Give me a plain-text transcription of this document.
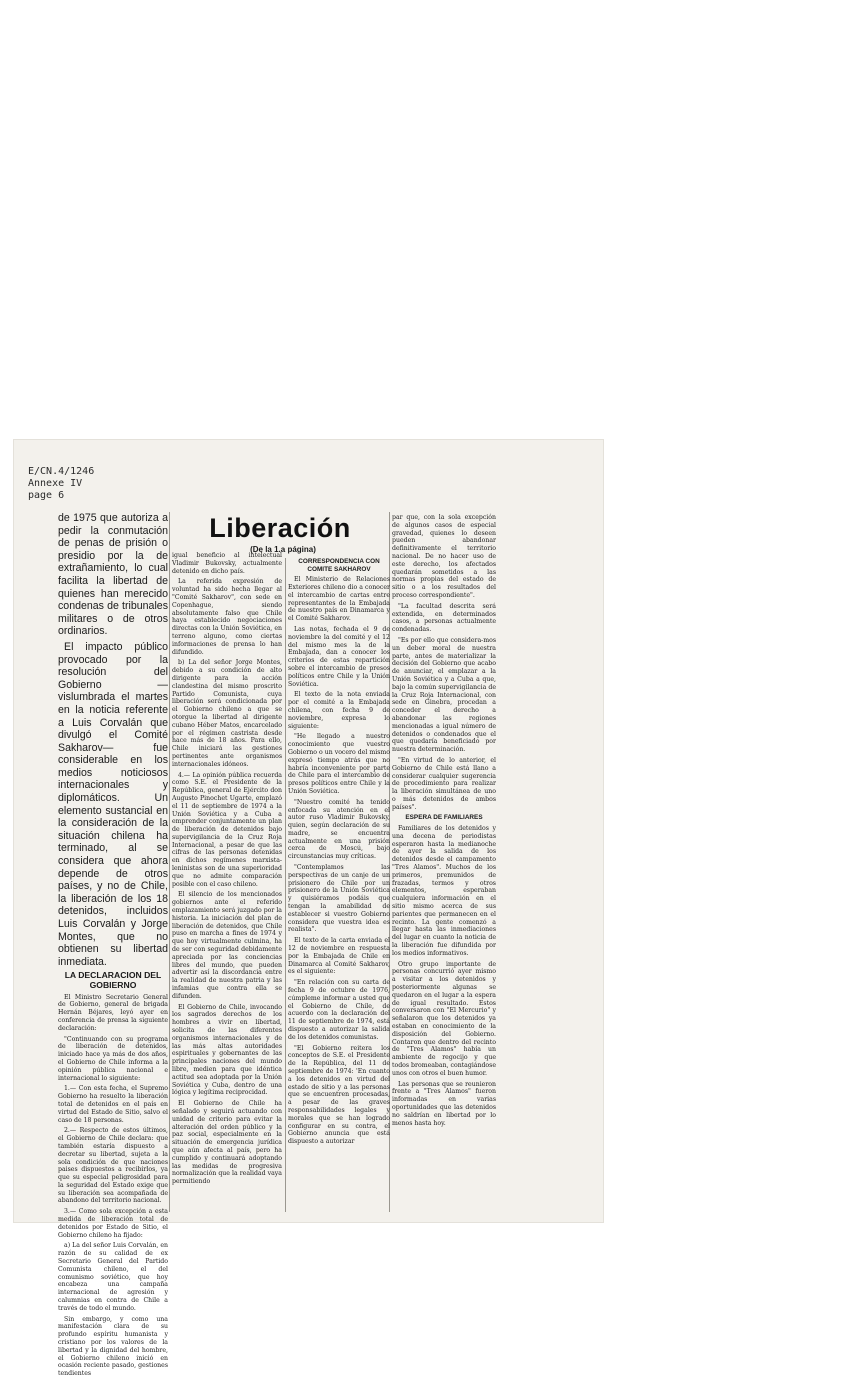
E/CN.4/1246
Annexe IV
page 6
Liberación
(De la 1.a página)

de 1975 que autoriza a pedir la conmutación de penas de prisión o presidio por la de extrañamiento, lo cual facilita la libertad de quienes han merecido condenas de tribunales militares o de otros ordinarios.

El impacto público provocado por la resolución del Gobierno —vislumbrada el martes en la noticia referente a Luis Corvalán que divulgó el Comité Sakharov— fue considerable en los medios noticiosos internacionales y diplomáticos. Un elemento sustancial en la consideración de la situación chilena ha terminado, al se considera que ahora depende de otros países, y no de Chile, la liberación de los 18 detenidos, incluidos Luis Corvalán y Jorge Montes, que no obtienen su libertad inmediata.

LA DECLARACION DEL GOBIERNO

El Ministro Secretario General de Gobierno, general de brigada Hernán Béjares, leyó ayer en conferencia de prensa la siguiente declaración:

"Continuando con su programa de liberación de detenidos, iniciado hace ya más de dos años, el Gobierno de Chile informa a la opinión pública nacional e internacional lo siguiente:

1.— Con esta fecha, el Supremo Gobierno ha resuelto la liberación total de detenidos en el país en virtud del Estado de Sitio, salvo el caso de 18 personas.

2.— Respecto de estos últimos, el Gobierno de Chile declara: que también estaría dispuesto a decretar su libertad, sujeta a la sola condición de que naciones paises dispuestos a recibirlos, ya que su especial peligrosidad para la seguridad del Estado exige que su liberación sea acompañada de abandono del territorio nacional.

3.— Como sola excepción a esta medida de liberación total de detenidos por Estado de Sitio, el Gobierno chileno ha fijado:

a) La del señor Luis Corvalán, en razón de su calidad de ex Secretario General del Partido Comunista chileno, el del comunismo soviético, que hoy encabeza una campaña internacional de agresión y calumnias en contra de Chile a través de todo el mundo.

Sin embargo, y como una manifestación clara de su profundo espíritu humanista y cristiano por los valores de la libertad y la dignidad del hombre, el Gobierno chileno inició en ocasión reciente pasado, gestiones tendientes

igual beneficio al intelectual Vladimir Bukovsky, actualmente detenido en dicho país.

La referida expresión de voluntad ha sido hecha llegar al "Comité Sakharov", con sede en Copenhague, siendo absolutamente falso que Chile haya establecido negociaciones directas con la Unión Soviética, en terreno alguno, como ciertas informaciones de prensa lo han difundido.

b) La del señor Jorge Montes, debido a su condición de alto dirigente para la acción clandestina del mismo proscrito Partido Comunista, cuya liberación será condicionada por el Gobierno chileno a que se otorgue la libertad al dirigente cubano Héber Matos, encarcelado por el régimen castrista desde hace más de 18 años. Para ello, Chile iniciará las gestiones pertinentes ante organismos internacionales idóneos.

4.— La opinión pública recuerda como S.E. el Presidente de la República, general de Ejército don Augusto Pinochet Ugarte, emplazó el 11 de septiembre de 1974 a la Unión Soviética y a Cuba a emprender conjuntamente un plan de liberación de detenidos bajo supervigilancia de la Cruz Roja Internacional, a pesar de que las cifras de las personas detenidas en dichos regímenes marxista-leninistas son de una superioridad que no admite comparación posible con el caso chileno.

El silencio de los mencionados gobiernos ante el referido emplazamiento será juzgado por la historia. La iniciación del plan de liberación de detenidos, que Chile puso en marcha a fines de 1974 y que hoy virtualmente culmina, ha de ser con seguridad debidamente apreciada por las conciencias libres del mundo, que pueden advertir así la discordancia entre la realidad de nuestra patria y las infamias que contra ella se difunden.

El Gobierno de Chile, invocando los sagrados derechos de los hombres a vivir en libertad, solicita de las diferentes organismos internacionales y de las más altas autoridades espirituales y gobernantes de las principales naciones del mundo libre, medien para que idéntica actitud sea adoptada por la Unión Soviética y Cuba, dentro de una lógica y legítima reciprocidad.

El Gobierno de Chile ha señalado y seguirá actuando con unidad de criterio para evitar la alteración del orden público y la paz social, especialmente en la situación de emergencia jurídica que aún afecta al país, pero ha cumplido y continuará adoptando las medidas de progresiva normalización que la realidad vaya permitiendo

CORRESPONDENCIA CON COMITE SAKHAROV

El Ministerio de Relaciones Exteriores chileno dio a conocer el intercambio de cartas entre representantes de la Embajada de nuestro país en Dinamarca y el Comité Sakharov.

Las notas, fechada el 9 de noviembre la del comité y el 12 del mismo mes la de la Embajada, dan a conocer los criterios de estas repartición sobre el intercambio de presos políticos entre Chile y la Unión Soviética.

El texto de la nota enviada por el comité a la Embajada chilena, con fecha 9 de noviembre, expresa lo siguiente:

"He llegado a nuestro conocimiento que vuestro Gobierno o un vocero del mismo expresó tiempo atrás que no habría inconveniente por parte de Chile para el intercambio de presos políticos entre Chile y la Unión Soviética.

"Nuestro comité ha tenido enfocada su atención en el autor ruso Vladimir Bukovsky, quien, según declaración de su madre, se encuentra actualmente en una prisión cerca de Moscú, bajo circunstancias muy críticas.

"Contemplamos las perspectivas de un canje de un prisionero de Chile por un prisionero de la Unión Soviética y quisiéramos podáis que tengan la amabilidad de establecer si vuestro Gobierno considera que vuestra idea es realista".

El texto de la carta enviada el 12 de noviembre en respuesta por la Embajada de Chile en Dinamarca al Comité Sakharov, es el siguiente:

"En relación con su carta de fecha 9 de octubre de 1976, cúmpleme informar a usted que el Gobierno de Chile, de acuerdo con la declaración del 11 de septiembre de 1974, está dispuesto a autorizar la salida de los detenidos comunistas.

"El Gobierno reitera los conceptos de S.E. el Presidente de la República, del 11 de septiembre de 1974: 'En cuanto a los detenidos en virtud del estado de sitio y a las personas que se encuentren procesadas, a pesar de las graves responsabilidades legales y morales que se han logrado configurar en su contra, el Gobierno anuncia que está dispuesto a autorizar

par que, con la sola excepción de algunos casos de especial gravedad, quienes lo deseen pueden abandonar definitivamente el territorio nacional. De no hacer uso de este derecho, los afectados quedarán sometidos a las normas propias del estado de sitio o a los resultados del proceso correspondiente".

"La facultad descrita será extendida, en determinados casos, a personas actualmente condenadas.

"Es por ello que considera-mos un deber moral de nuestra parte, antes de materializar la decisión del Gobierno que acabo de anunciar, el emplazar a la Unión Soviética y a Cuba a que, bajo la común supervigilancia de la Cruz Roja Internacional, con sede en Ginebra, procedan a conceder el derecho a abandonar las regiones mencionadas a igual número de detenidos o condenados que el que quedaría beneficiado por nuestra determinación.

"En virtud de lo anterior, el Gobierno de Chile está llano a considerar cualquier sugerencia de procedimiento para realizar la liberación simultánea de uno o más detenidos de ambos países".

ESPERA DE FAMILIARES

Familiares de los detenidos y una decena de periodistas esperaron hasta la medianoche de ayer la salida de los detenidos desde el campamento "Tres Alamos". Muchos de los primeros, premunidos de frazadas, termos y otros elementos, esperaban cualquiera información en el sitio mismo acerca de sus parientes que permanecen en el recinto. La gente comenzó a llegar hasta las inmediaciones del lugar en cuanto la noticia de la liberación fue difundida por los medios informativos.

Otro grupo importante de personas concurrió ayer mismo a visitar a los detenidos y posteriormente algunas se quedaron en el lugar a la espera de igual resultado. Estos conversaron con "El Mercurio" y señalaron que los detenidos ya estaban en conocimiento de la disposición del Gobierno. Contaron que dentro del recinto de "Tres Alamos" había un ambiente de regocijo y que todos bromeaban, contagiándose unos con otros el buen humor.

Las personas que se reunieron frente a "Tres Alamos" fueron informadas en varias oportunidades que las detenidos no saldrían en libertad por lo menos hasta hoy.
